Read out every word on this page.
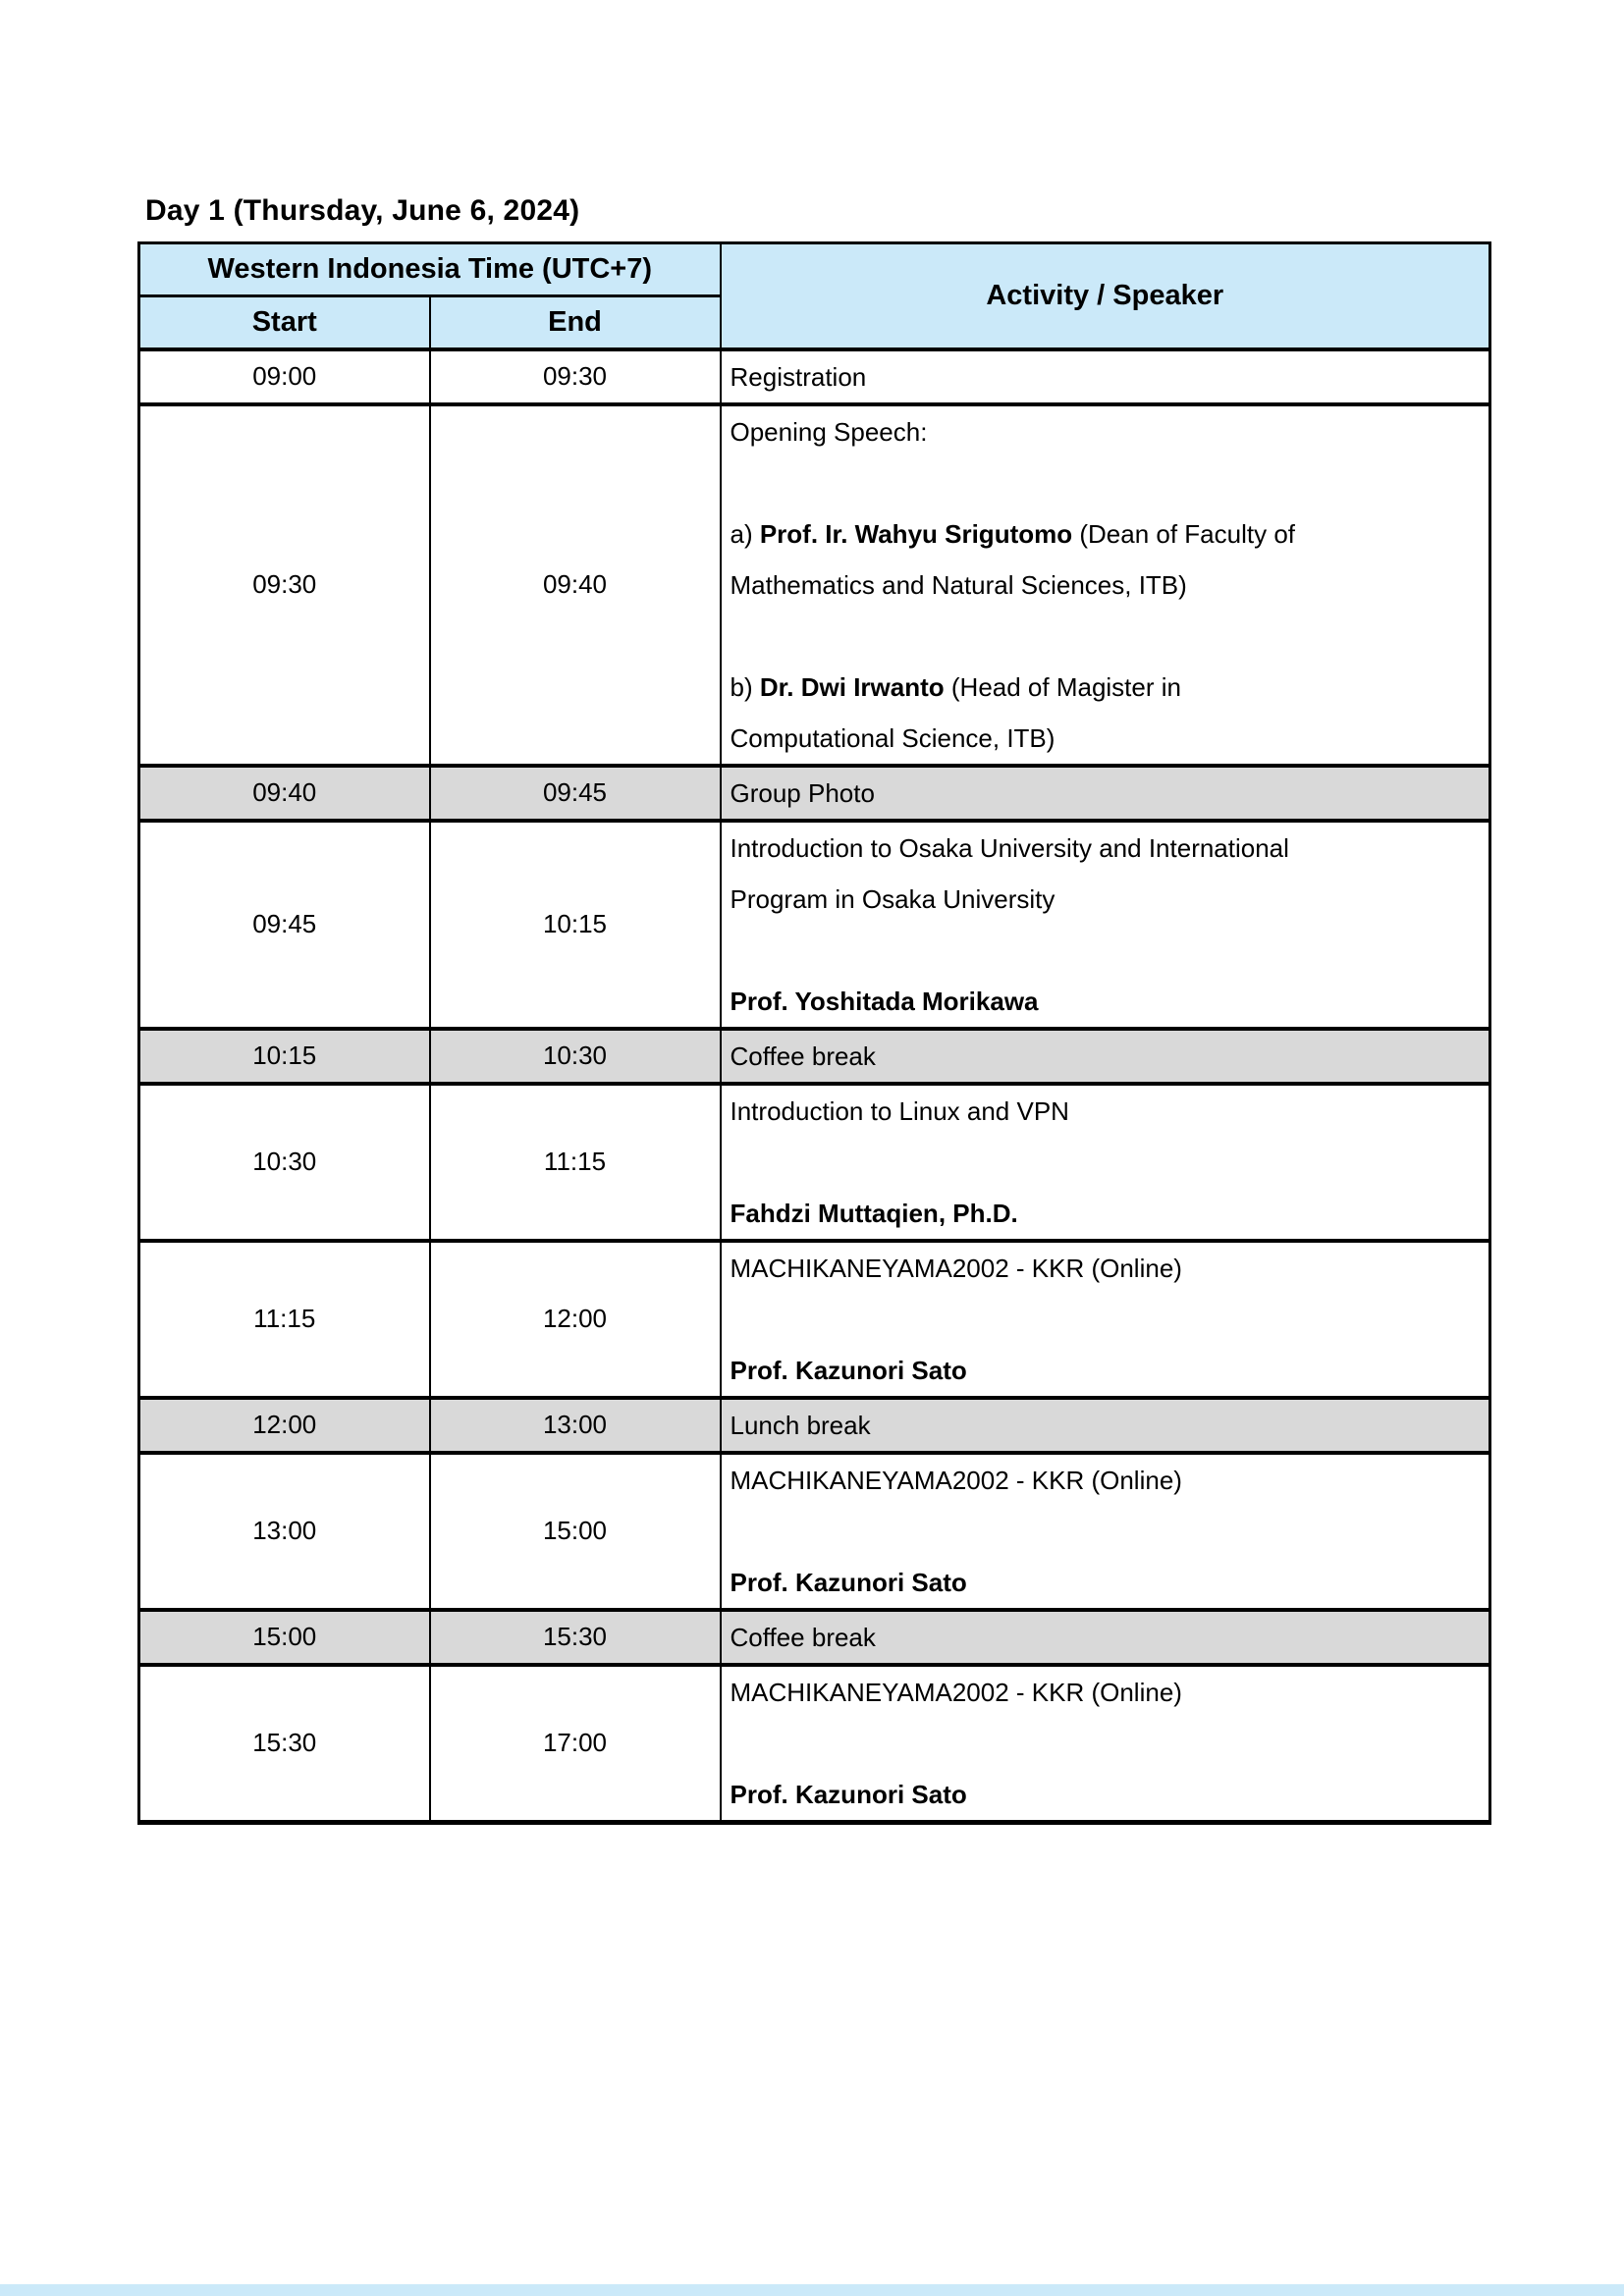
Day 1 (Thursday, June 6, 2024)
Western Indonesia Time (UTC+7)		Activity / Speaker
Start	End	
09:00	09:30	Registration

09:30	09:40	Opening Speech:

a) Prof. Ir. Wahyu Srigutomo (Dean of Faculty of
Mathematics and Natural Sciences, ITB)

b) Dr. Dwi Irwanto (Head of Magister in
Computational Science, ITB)

09:40	09:45	Group Photo

09:45	10:15	Introduction to Osaka University and International
Program in Osaka University

Prof. Yoshitada Morikawa

10:15	10:30	Coffee break

10:30	11:15	Introduction to Linux and VPN

Fahdzi Muttaqien, Ph.D.

11:15	12:00	MACHIKANEYAMA2002 - KKR (Online)

Prof. Kazunori Sato

12:00	13:00	Lunch break

13:00	15:00	MACHIKANEYAMA2002 - KKR (Online)

Prof. Kazunori Sato

15:00	15:30	Coffee break

15:30	17:00	MACHIKANEYAMA2002 - KKR (Online)

Prof. Kazunori Sato
